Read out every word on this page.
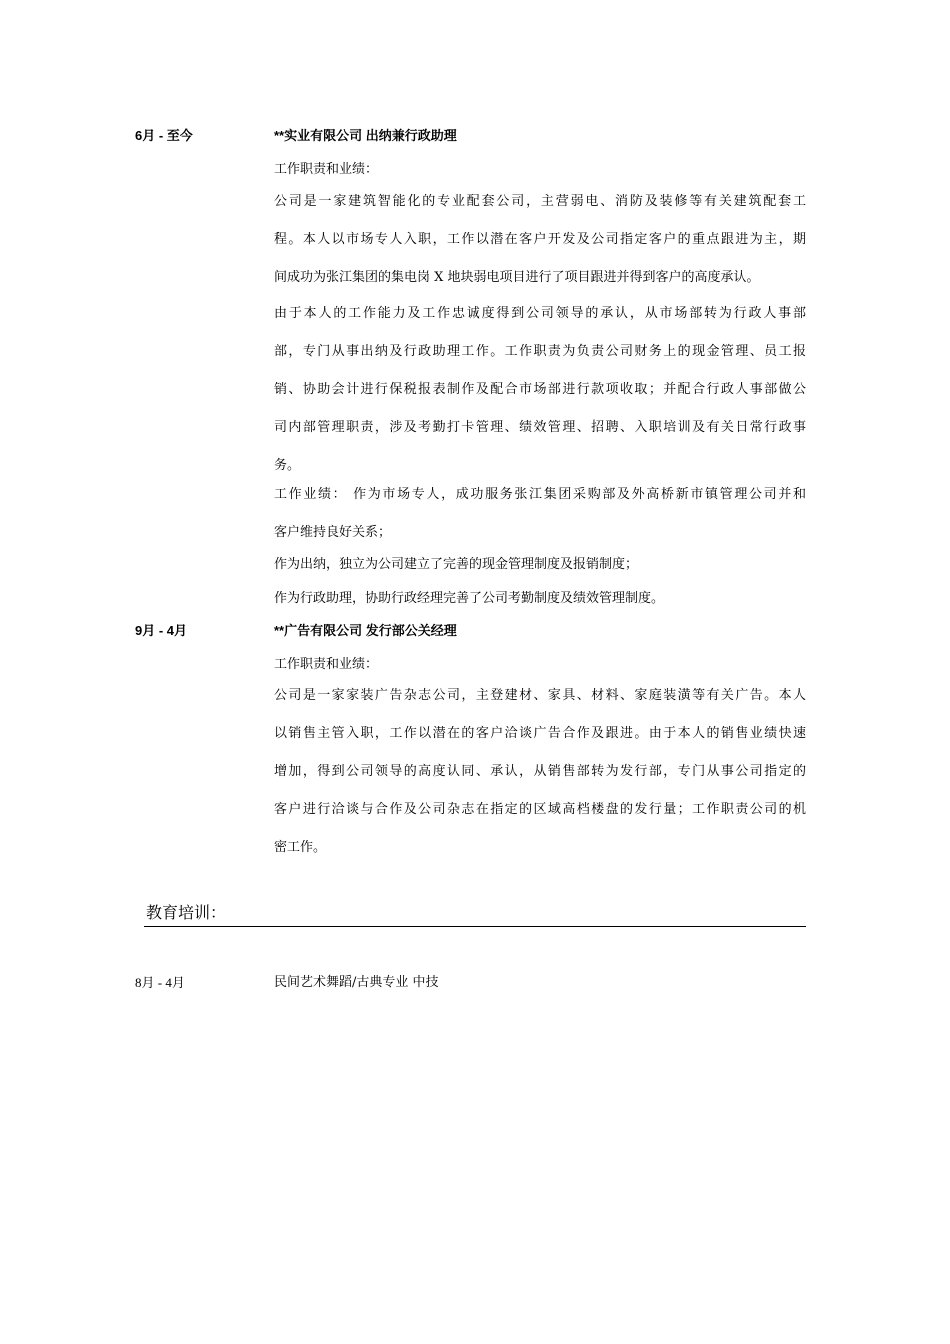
6月 - 至今	**实业有限公司 出纳兼行政助理
工作职责和业绩：
公司是一家建筑智能化的专业配套公司，主营弱电、消防及装修等有关建筑配套工
程。本人以市场专人入职，工作以潜在客户开发及公司指定客户的重点跟进为主，期
间成功为张江集团的集电岗 X 地块弱电项目进行了项目跟进并得到客户的高度承认。
由于本人的工作能力及工作忠诚度得到公司领导的承认，从市场部转为行政人事部
部，专门从事出纳及行政助理工作。工作职责为负责公司财务上的现金管理、员工报
销、协助会计进行保税报表制作及配合市场部进行款项收取；并配合行政人事部做公
司内部管理职责，涉及考勤打卡管理、绩效管理、招聘、入职培训及有关日常行政事
务。
工作业绩： 作为市场专人，成功服务张江集团采购部及外高桥新市镇管理公司并和
客户维持良好关系；
作为出纳，独立为公司建立了完善的现金管理制度及报销制度；
作为行政助理，协助行政经理完善了公司考勤制度及绩效管理制度。
9月 - 4月	**广告有限公司 发行部公关经理
工作职责和业绩：
公司是一家家装广告杂志公司，主登建材、家具、材料、家庭装潢等有关广告。本人
以销售主管入职，工作以潜在的客户洽谈广告合作及跟进。由于本人的销售业绩快速
增加，得到公司领导的高度认同、承认，从销售部转为发行部，专门从事公司指定的
客户进行洽谈与合作及公司杂志在指定的区域高档楼盘的发行量；工作职责公司的机
密工作。
教育培训：
8月 - 4月	民间艺术舞蹈/古典专业 中技
